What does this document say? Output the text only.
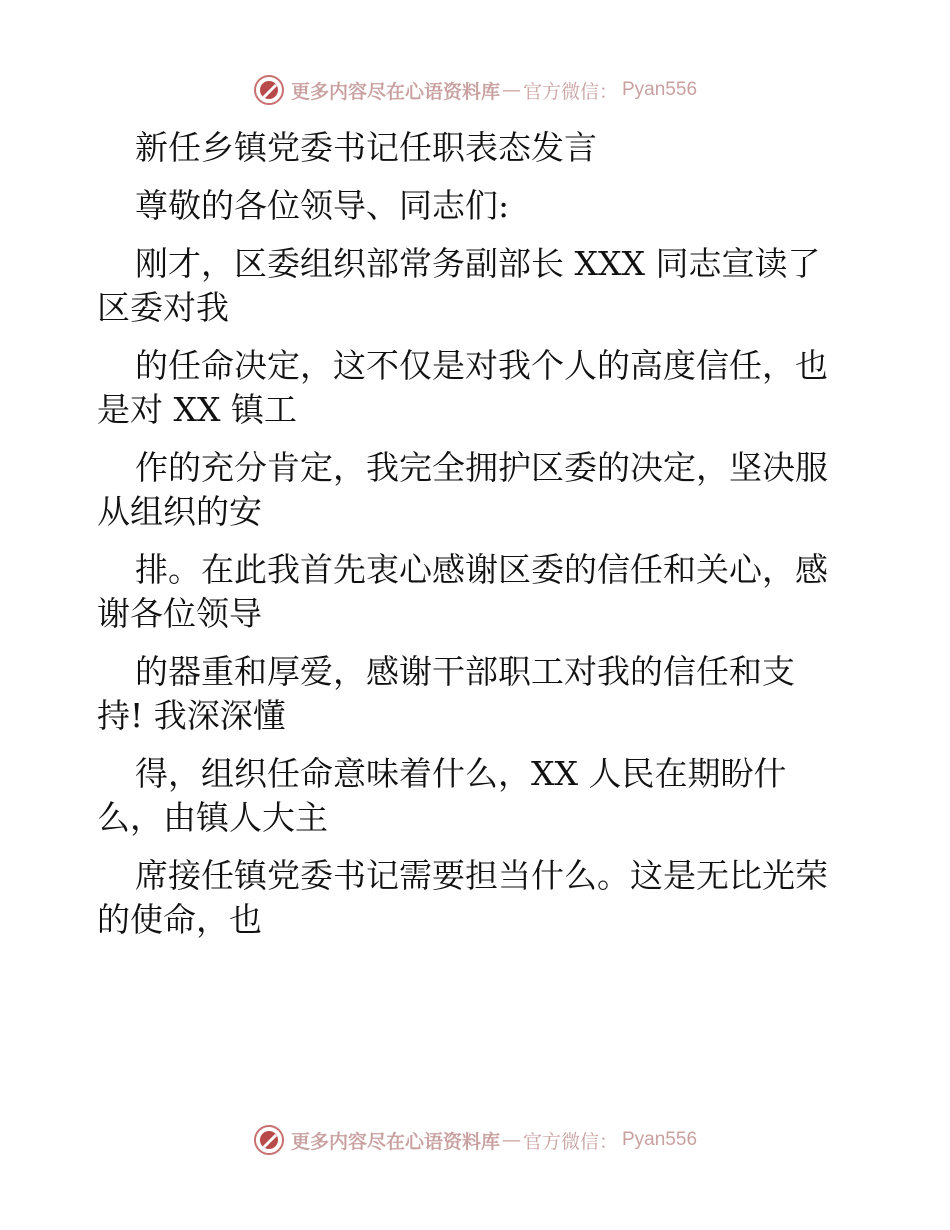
更多内容尽在心语资料库 — 官方微信： Pyan556
新任乡镇党委书记任职表态发言
尊敬的各位领导、同志们:
刚才，区委组织部常务副部长 XXX 同志宣读了
区委对我
的任命决定，这不仅是对我个人的高度信任，也
是对 XX 镇工
作的充分肯定，我完全拥护区委的决定，坚决服
从组织的安
排。在此我首先衷心感谢区委的信任和关心，感
谢各位领导
的器重和厚爱，感谢干部职工对我的信任和支
持! 我深深懂
得，组织任命意味着什么，XX 人民在期盼什
么，由镇人大主
席接任镇党委书记需要担当什么。这是无比光荣
的使命，也
更多内容尽在心语资料库 — 官方微信： Pyan556
